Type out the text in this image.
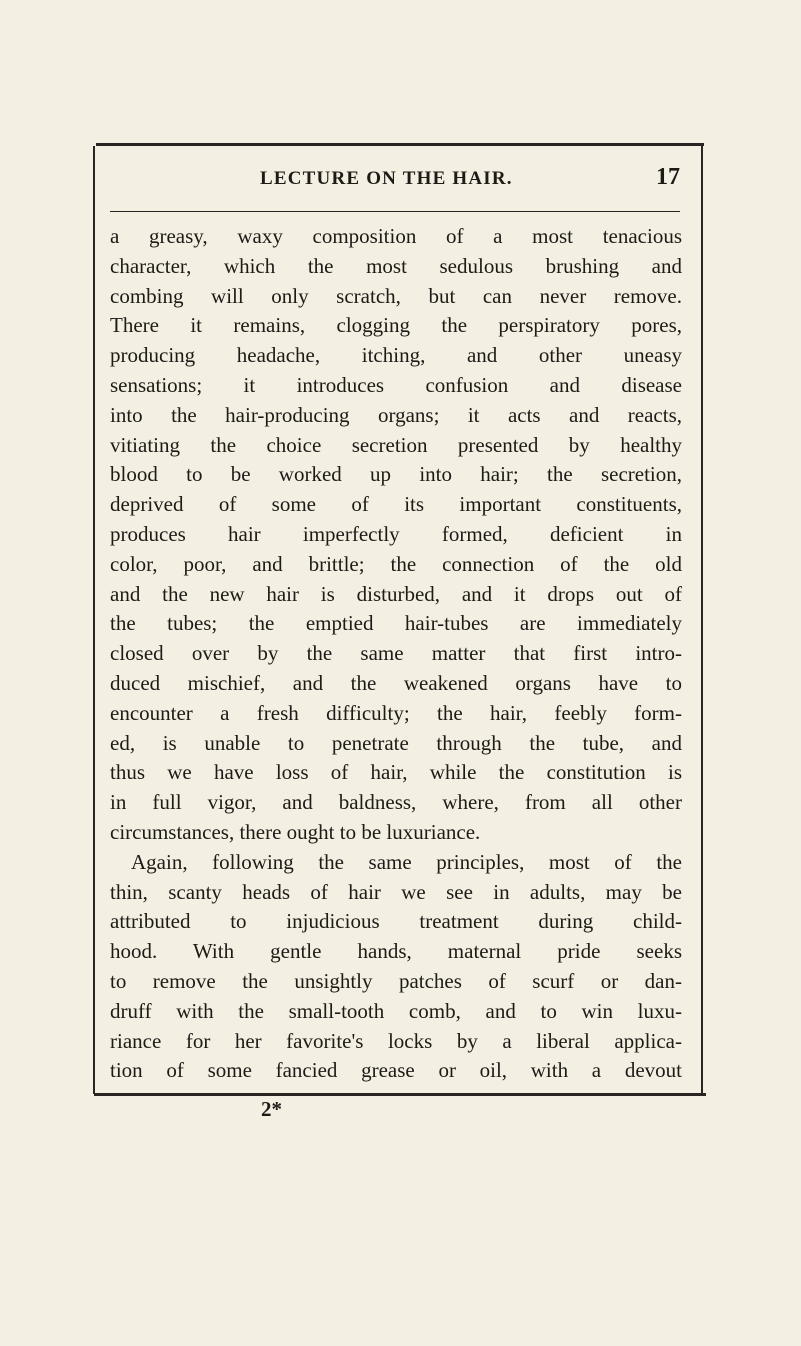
LECTURE ON THE HAIR.	17
a greasy, waxy composition of a most tenacious
character, which the most sedulous brushing and
combing will only scratch, but can never remove.
There it remains, clogging the perspiratory pores,
producing headache, itching, and other uneasy
sensations; it introduces confusion and disease
into the hair-producing organs; it acts and reacts,
vitiating the choice secretion presented by healthy
blood to be worked up into hair; the secretion,
deprived of some of its important constituents,
produces hair imperfectly formed, deficient in
color, poor, and brittle; the connection of the old
and the new hair is disturbed, and it drops out of
the tubes; the emptied hair-tubes are immediately
closed over by the same matter that first intro-
duced mischief, and the weakened organs have to
encounter a fresh difficulty; the hair, feebly form-
ed, is unable to penetrate through the tube, and
thus we have loss of hair, while the constitution is
in full vigor, and baldness, where, from all other
circumstances, there ought to be luxuriance.
Again, following the same principles, most of the
thin, scanty heads of hair we see in adults, may be
attributed to injudicious treatment during child-
hood. With gentle hands, maternal pride seeks
to remove the unsightly patches of scurf or dan-
druff with the small-tooth comb, and to win luxu-
riance for her favorite's locks by a liberal applica-
tion of some fancied grease or oil, with a devout
2*
